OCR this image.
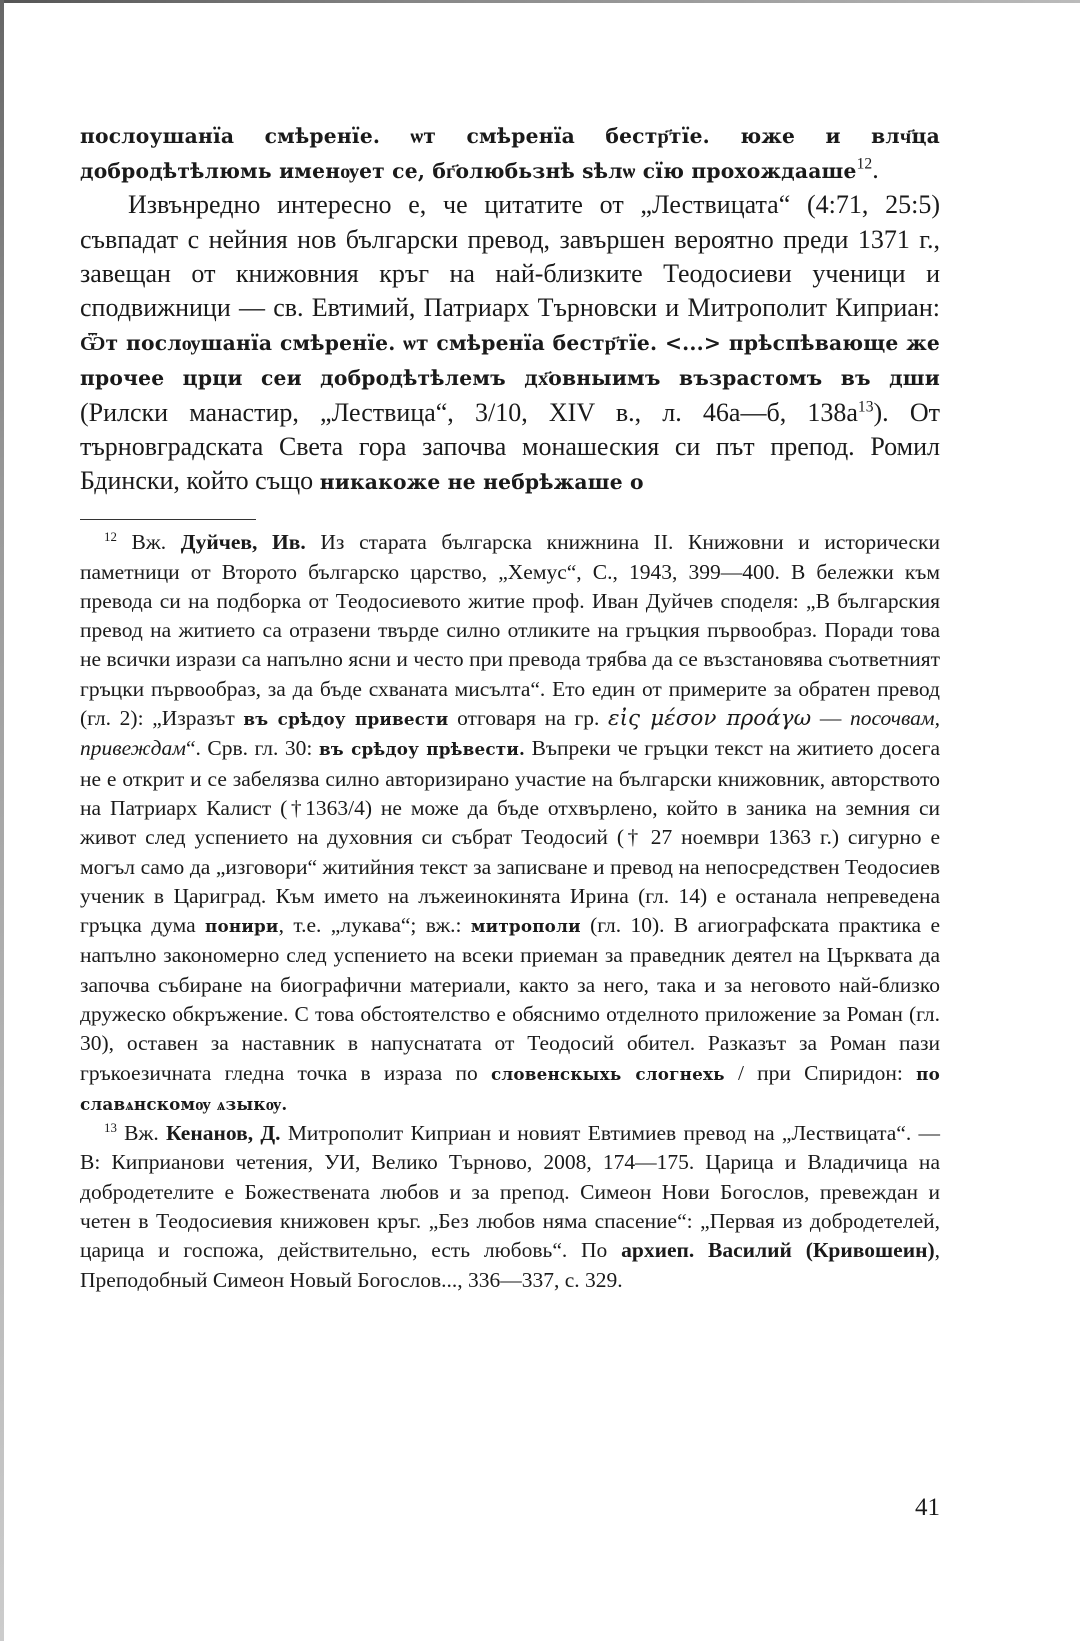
послоушанїа смѣренїе. ѡт смѣренїа бестр҃тїе. юже и влч҃ца добродѣтѣлюмь именѹет се, бг҃олюбьзнѣ ѕѣлѡ сїю прохождааше$^{12}$.

Извънредно интересно е, че цитатите от „Лествицата“ (4:71, 25:5) съвпадат с нейния нов български превод, завършен вероятно преди 1371 г., завещан от книжовния кръг на най-близките Теодосиеви ученици и сподвижници — св. Евтимий, Патриарх Търновски и Митрополит Киприан: Ѿт послѹшанїа смѣренїе. ѡт смѣренїа бестр҃тїе. <...> прѣспѣвающе же прочее црци сеи добродѣтѣлемъ дх҃овныимъ възрастомъ въ дши (Рилски манастир, „Лествица“, 3/10, XIV в., л. 46а—б, $138а^{13}$). От търновградската Света гора започва монашеския си път препод. Ромил Бдински, който също никакоже не небрѣжаше о

$^{12}$ Вж. Дуйчев, Ив. Из старата българска книжнина II. Книжовни и исторически паметници от Второто българско царство, „Хемус“, С., 1943, 399—400. В бележки към превода си на подборка от Теодосиевото житие проф. Иван Дуйчев споделя: „В българския превод на житието са отразени твърде силно отликите на гръцкия първообраз. Поради това не всички изрази са напълно ясни и често при превода трябва да се възстановява съответният гръцки първообраз, за да бъде схваната мисълта“. Ето един от примерите за обратен превод (гл. 2): „Изразът въ срѣдоу привести отговаря на гр. εἰς μέσον προάγω — посочвам, привеждам“. Срв. гл. 30: въ срѣдоу прѣвести. Въпреки че гръцки текст на житието досега не е открит и се забелязва силно авторизирано участие на български книжовник, авторството на Патриарх Калист (†1363/4) не може да бъде отхвърлено, който в заника на земния си живот след успението на духовния си събрат Теодосий († 27 ноември 1363 г.) сигурно е могъл само да „изговори“ житийния текст за записване и превод на непосредствен Теодосиев ученик в Цариград. Към името на лъжеинокинята Ирина (гл. 14) е останала непреведена гръцка дума понири, т.е. „лукава“; вж.: митрополи (гл. 10). В агиографската практика е напълно закономерно след успението на всеки приеман за праведник деятел на Църквата да започва събиране на биографични материали, както за него, така и за неговото най-близко дружеско обкръжение. С това обстоятелство е обяснимо отделното приложение за Роман (гл. 30), оставен за наставник в напуснатата от Теодосий обител. Разказът за Роман пази гръкоезичната гледна точка в израза по словенскыхь слогнехь / при Спиридон: по славѧнскомѹ ѧзыкѹ.

$^{13}$ Вж. Кенанов, Д. Митрополит Киприан и новият Евтимиев превод на „Лествицата“. — В: Киприанови четения, УИ, Велико Търново, 2008, 174—175. Царица и Владичица на добродетелите е Божествената любов и за препод. Симеон Нови Богослов, превеждан и четен в Теодосиевия книжовен кръг. „Без любов няма спасение“: „Первая из добродетелей, царица и госпожа, действительно, есть любовь“. По архиеп. Василий (Кривошеин), Преподобный Симеон Новый Богослов..., 336—337, с. 329.

41
